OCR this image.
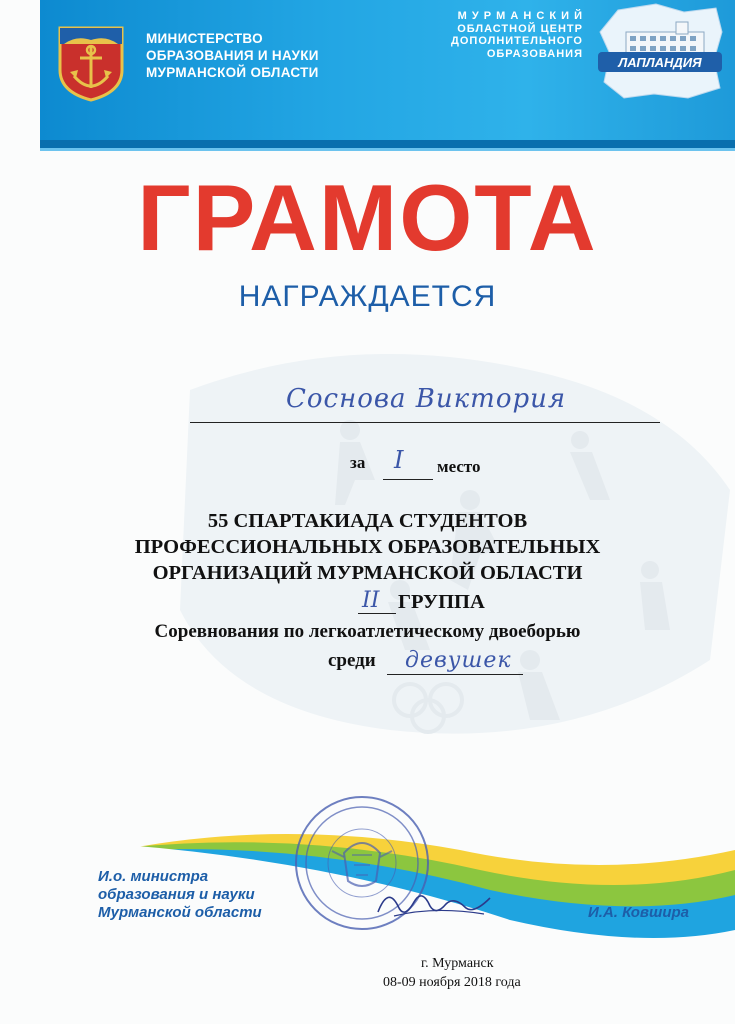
МИНИСТЕРСТВО
ОБРАЗОВАНИЯ И НАУКИ
МУРМАНСКОЙ ОБЛАСТИ
М У Р М А Н С К И Й
ОБЛАСТНОЙ ЦЕНТР
ДОПОЛНИТЕЛЬНОГО
ОБРАЗОВАНИЯ
ЛАПЛАНДИЯ
ГРАМОТА
НАГРАЖДАЕТСЯ
Соснова Виктория
за I место
55 СПАРТАКИАДА СТУДЕНТОВ
ПРОФЕССИОНАЛЬНЫХ ОБРАЗОВАТЕЛЬНЫХ
ОРГАНИЗАЦИЙ МУРМАНСКОЙ ОБЛАСТИ
II ГРУППА
Соревнования по легкоатлетическому двоеборью
среди девушек
И.о. министра
образования и науки
Мурманской области	И.А. Ковшира
г. Мурманск
08-09 ноября 2018 года
